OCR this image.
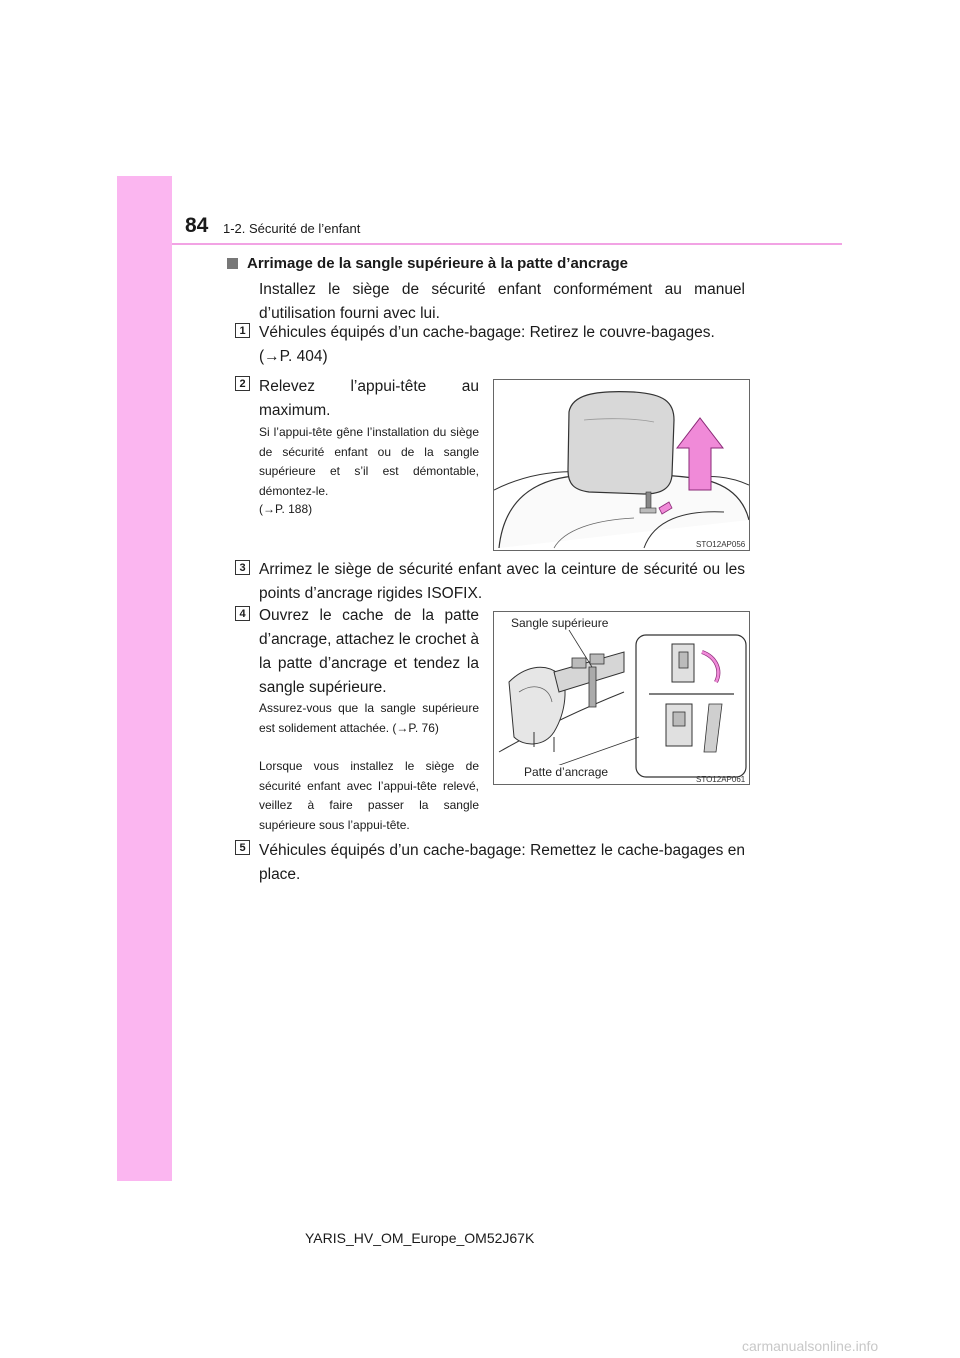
84 1-2. Sécurité de l’enfant
Arrimage de la sangle supérieure à la patte d’ancrage
Installez le siège de sécurité enfant conformément au manuel d’utilisation fourni avec lui.
1 Véhicules équipés d’un cache-bagage: Retirez le couvre-bagages.
(→P. 404)
2 Relevez l’appui-tête au maximum.
Si l’appui-tête gêne l’installation du siège de sécurité enfant ou de la sangle supérieure et s’il est démontable, démontez-le.
(→P. 188)
STO12AP056
3 Arrimez le siège de sécurité enfant avec la ceinture de sécurité ou les points d’ancrage rigides ISOFIX.
4 Ouvrez le cache de la patte d’ancrage, attachez le crochet à la patte d’ancrage et tendez la sangle supérieure.
Assurez-vous que la sangle supérieure est solidement attachée. (→P. 76)
Lorsque vous installez le siège de sécurité enfant avec l’appui-tête relevé, veillez à faire passer la sangle supérieure sous l’appui-tête.
Sangle supérieure
Patte d’ancrage
STO12AP061
5 Véhicules équipés d’un cache-bagage: Remettez le cache-bagages en place.
YARIS_HV_OM_Europe_OM52J67K
carmanualsonline.info
